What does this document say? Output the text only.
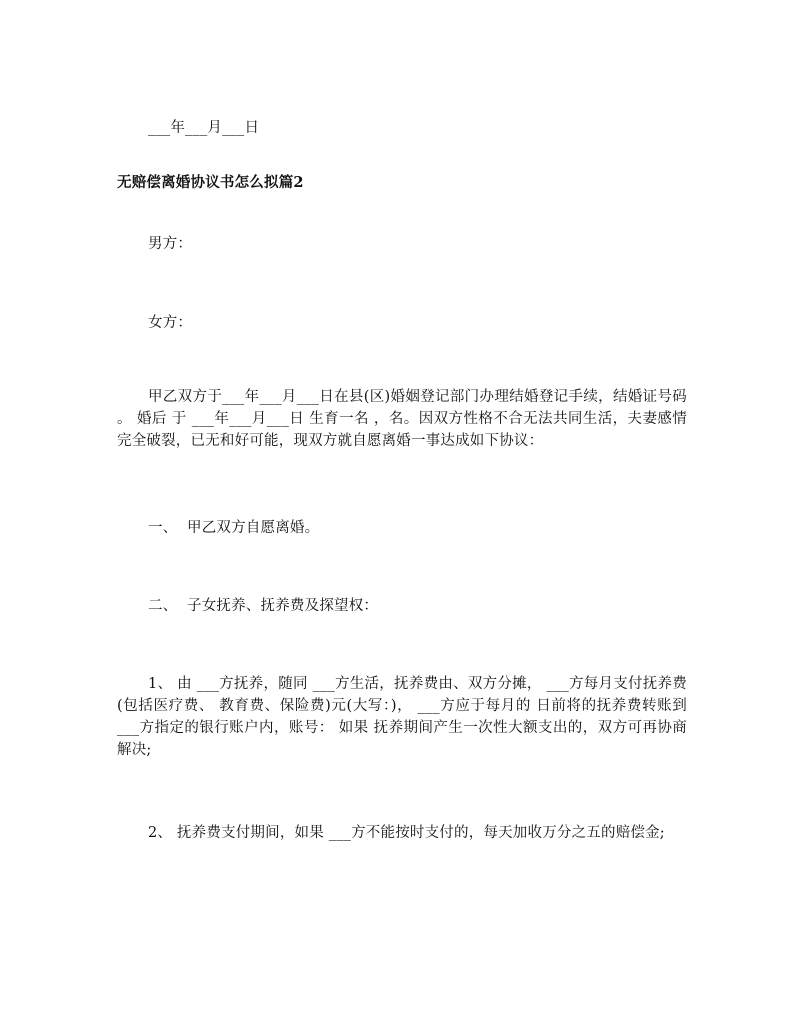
___年___月___日
无赔偿离婚协议书怎么拟篇2
男方：
女方：
甲乙双方于___年___月___日在县(区)婚姻登记部门办理结婚登记手续，结婚证号码 。 婚后 于 ___年___月___日 生育一名 ，名。因双方性格不合无法共同生活，夫妻感情完全破裂，已无和好可能，现双方就自愿离婚一事达成如下协议：
一、  甲乙双方自愿离婚。
二、  子女抚养、抚养费及探望权：
1、 由 ___方抚养，随同 ___方生活，抚养费由、双方分摊， ___方每月支付抚养费(包括医疗费、 教育费、保险费)元(大写：)， ___方应于每月的 日前将的抚养费转账到___方指定的银行账户内，账号： 如果 抚养期间产生一次性大额支出的，双方可再协商解决;
2、 抚养费支付期间，如果 ___方不能按时支付的，每天加收万分之五的赔偿金;
